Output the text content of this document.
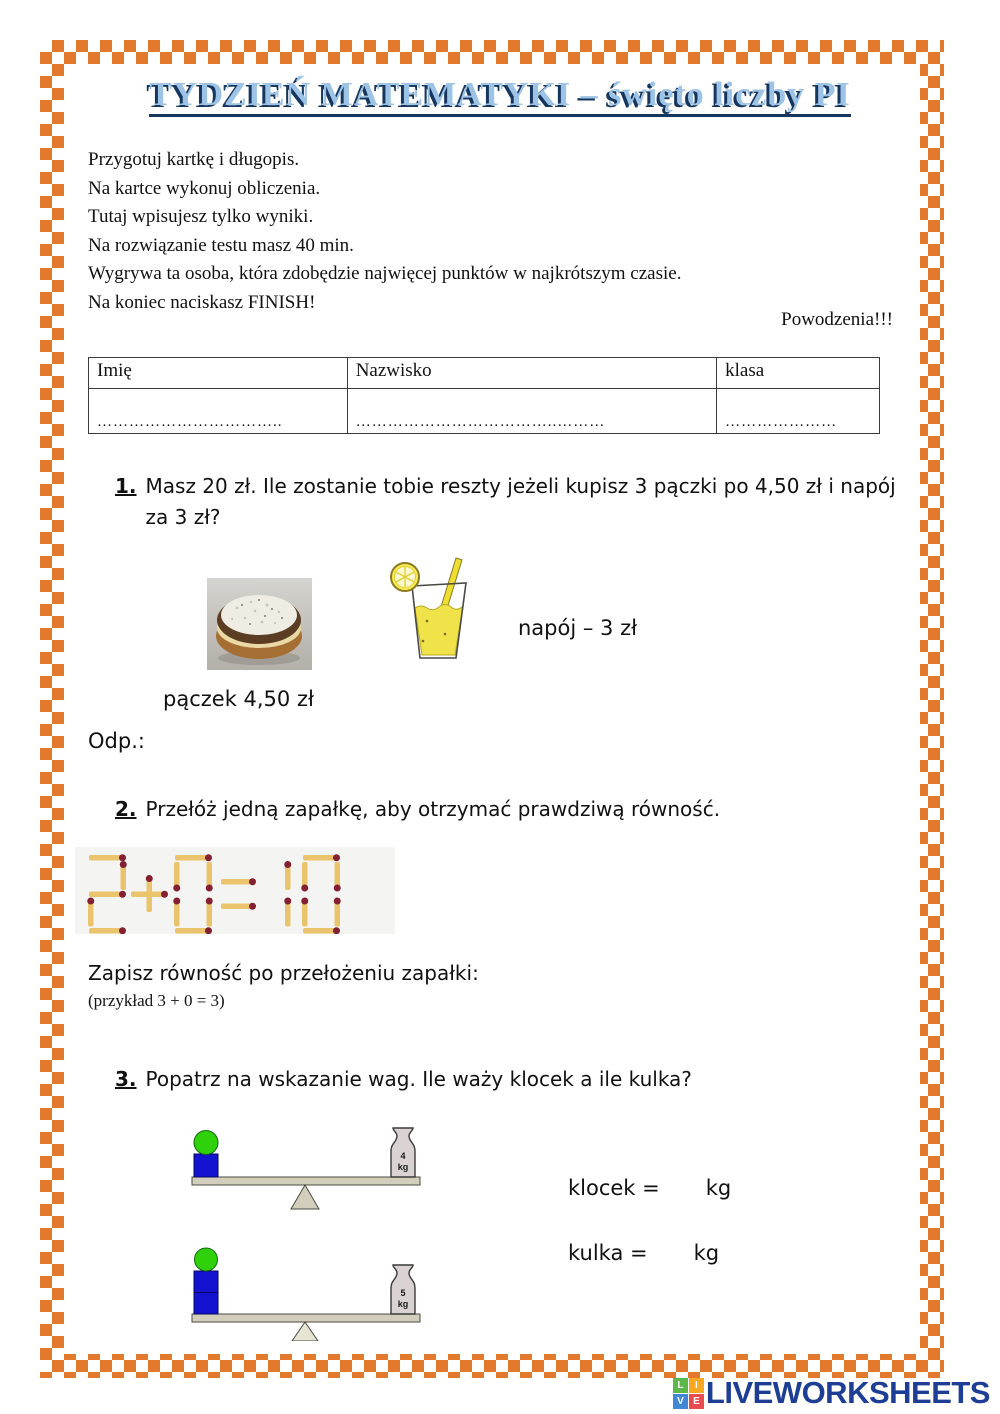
TYDZIEŃ MATEMATYKI – święto liczby PI

Przygotuj kartkę i długopis.

Na kartce wykonuj obliczenia.

Tutaj wpisujesz tylko wyniki.

Na rozwiązanie testu masz 40 min.

Wygrywa ta osoba, która zdobędzie najwięcej punktów w najkrótszym czasie.

Na koniec naciskasz FINISH!

Powodzenia!!!
Imię	Nazwisko	klasa
……………………………..	………………………………..………	…………………
1. Masz 20 zł. Ile zostanie tobie reszty jeżeli kupisz 3 pączki po 4,50 zł i napój za 3 zł?
pączek 4,50 zł
napój – 3 zł
Odp.:
2. Przełóż jedną zapałkę, aby otrzymać prawdziwą równość.
Zapisz równość po przełożeniu zapałki:
(przykład 3 + 0 = 3)
3. Popatrz na wskazanie wag. Ile waży klocek a ile kulka?
4
kg
klocek = kg
5
kg
kulka = kg
L	I
V E LIVEWORKSHEETS
